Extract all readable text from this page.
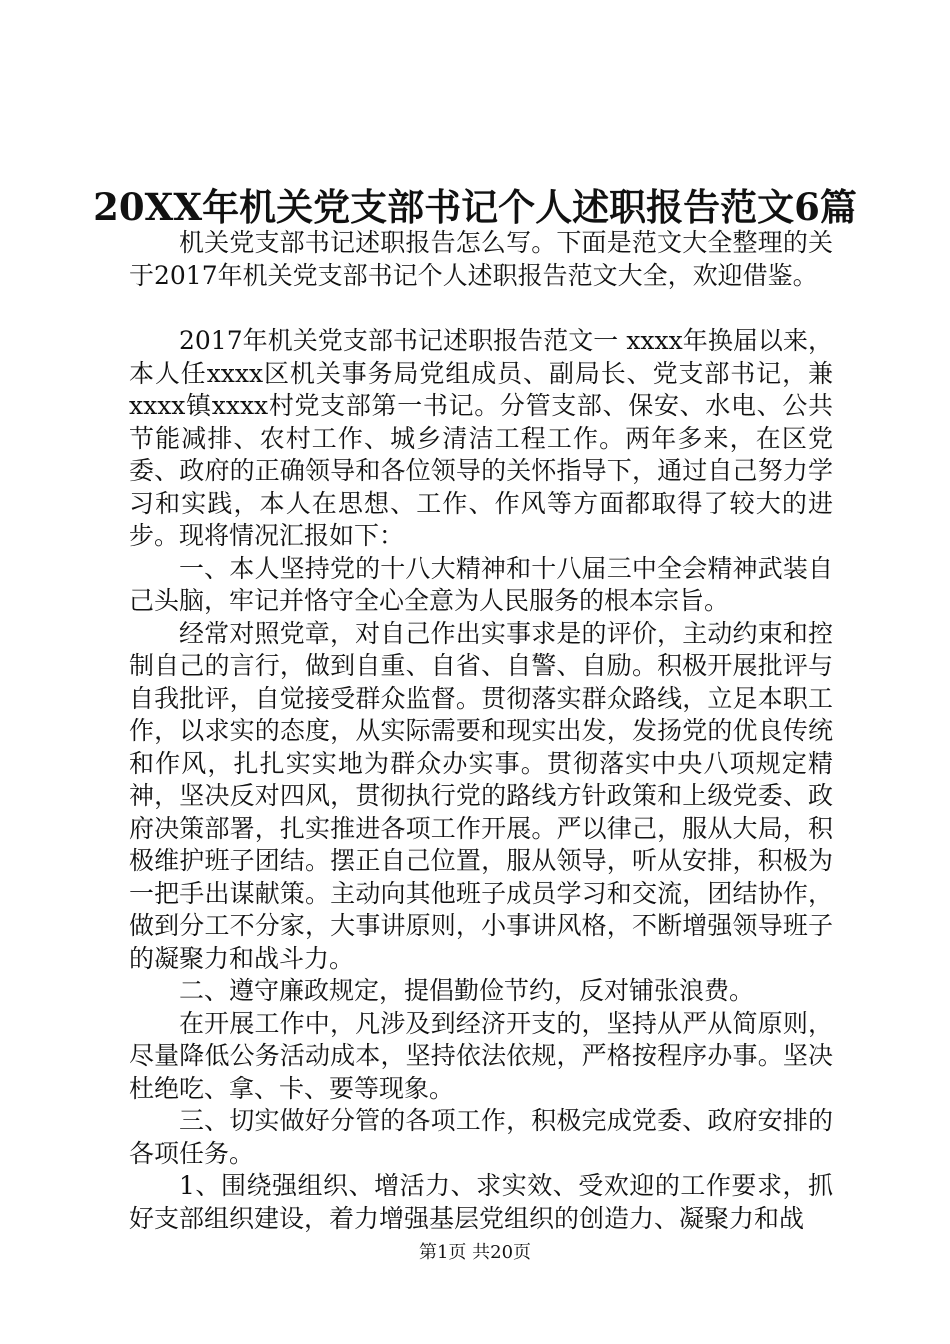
20XX年机关党支部书记个人述职报告范文6篇

机关党支部书记述职报告怎么写。下面是范文大全整理的关于2017年机关党支部书记个人述职报告范文大全，欢迎借鉴。

2017年机关党支部书记述职报告范文一 xxxx年换届以来，本人任xxxx区机关事务局党组成员、副局长、党支部书记，兼xxxx镇xxxx村党支部第一书记。分管支部、保安、水电、公共节能减排、农村工作、城乡清洁工程工作。两年多来，在区党委、政府的正确领导和各位领导的关怀指导下，通过自己努力学习和实践，本人在思想、工作、作风等方面都取得了较大的进步。现将情况汇报如下：

一、本人坚持党的十八大精神和十八届三中全会精神武装自己头脑，牢记并恪守全心全意为人民服务的根本宗旨。

经常对照党章，对自己作出实事求是的评价，主动约束和控制自己的言行，做到自重、自省、自警、自励。积极开展批评与自我批评，自觉接受群众监督。贯彻落实群众路线，立足本职工作，以求实的态度，从实际需要和现实出发，发扬党的优良传统和作风，扎扎实实地为群众办实事。贯彻落实中央八项规定精神，坚决反对四风，贯彻执行党的路线方针政策和上级党委、政府决策部署，扎实推进各项工作开展。严以律己，服从大局，积极维护班子团结。摆正自己位置，服从领导，听从安排，积极为一把手出谋献策。主动向其他班子成员学习和交流，团结协作，做到分工不分家，大事讲原则，小事讲风格，不断增强领导班子的凝聚力和战斗力。

二、遵守廉政规定，提倡勤俭节约，反对铺张浪费。

在开展工作中，凡涉及到经济开支的，坚持从严从简原则，尽量降低公务活动成本，坚持依法依规，严格按程序办事。坚决杜绝吃、拿、卡、要等现象。

三、切实做好分管的各项工作，积极完成党委、政府安排的各项任务。

1、围绕强组织、增活力、求实效、受欢迎的工作要求，抓好支部组织建设，着力增强基层党组织的创造力、凝聚力和战

第1页 共20页
